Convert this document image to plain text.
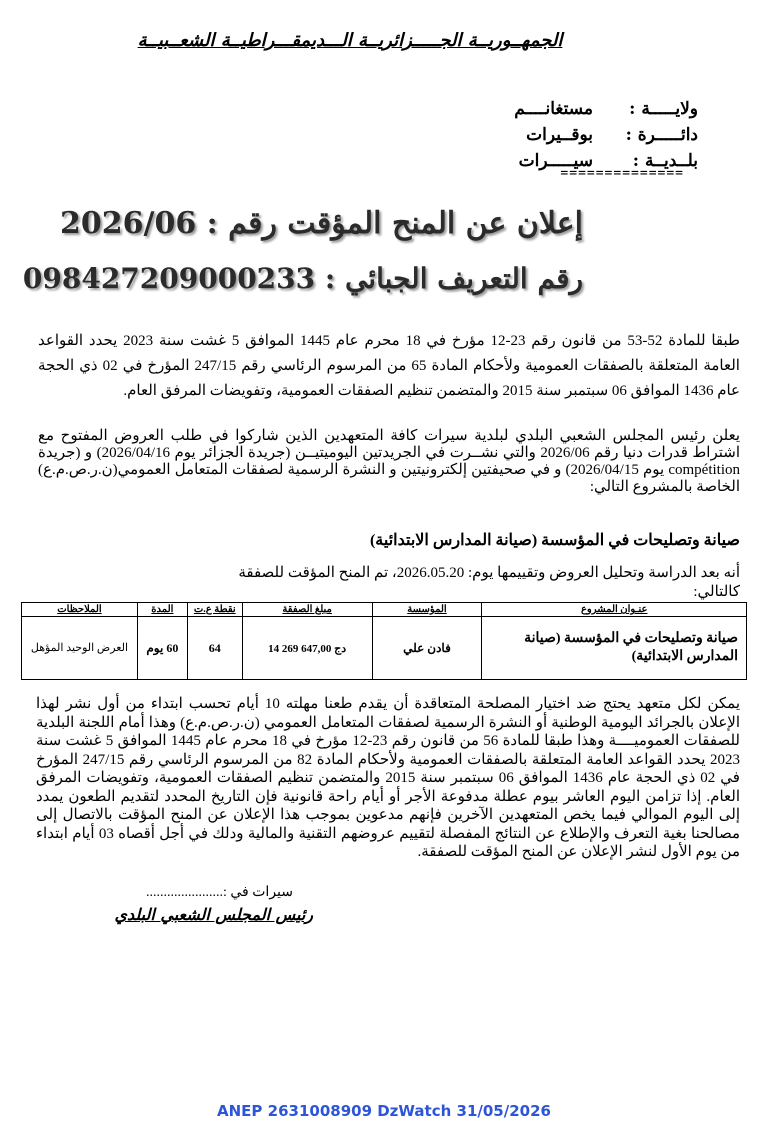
الجمهــوريــة الجـــــزائريــة الـــديمقـــراطيــة الشعــبيــة
ولايـــــة :
مستغانــــم
دائـــــرة :
بوقــيرات
بلــديــة :
سيـــــرات
==============
إعلان عن المنح المؤقت رقم : 2026/06
رقم التعريف الجبائي : 098427209000233
طبقا للمادة 52-53 من قانون رقم 23-12 مؤرخ في 18 محرم عام 1445 الموافق 5 غشت سنة 2023 يحدد القواعد العامة المتعلقة بالصفقات العمومية ولأحكام المادة 65 من المرسوم الرئاسي رقم 247/15 المؤرخ في 02 ذي الحجة عام 1436 الموافق 06 سبتمبر سنة 2015 والمتضمن تنظيم الصفقات العمومية، وتفويضات المرفق العام.
يعلن رئيس المجلس الشعبي البلدي لبلدية سيرات كافة المتعهدين الذين شاركوا في طلب العروض المفتوح مع اشتراط قدرات دنيا رقم 2026/06 والتي نشــرت في الجريدتين اليوميتيــن (جريدة الجزائر يوم 2026/04/16) و (جريدة compétition يوم 2026/04/15) و في صحيفتين إلكترونيتين و النشرة الرسمية لصفقات المتعامل العمومي(ن.ر.ص.م.ع) الخاصة بالمشروع التالي:
صيانة وتصليحات في المؤسسة (صيانة المدارس الابتدائية)
أنه بعد الدراسة وتحليل العروض وتقييمها يوم: 2026.05.20، تم المنح المؤقت للصفقة كالتالي:
عنـوان المشروع	المؤسسة	مبلغ الصفقة	نقطة ع.ت	المدة	الملاحظات
صيانة وتصليحات في المؤسسة (صيانة المدارس الابتدائية)	فادن علي	14 269 647,00 دج	64	60 يوم	العرض الوحيد المؤهل
يمكن لكل متعهد يحتج ضد اختيار المصلحة المتعاقدة أن يقدم طعنا مهلته 10 أيام تحسب ابتداء من أول نشر لهذا الإعلان بالجرائد اليومية الوطنية أو النشرة الرسمية لصفقات المتعامل العمومي (ن.ر.ص.م.ع) وهذا أمام اللجنة البلدية للصفقات العموميــــة وهذا طبقا للمادة 56 من قانون رقم 23-12 مؤرخ في 18 محرم عام 1445 الموافق 5 غشت سنة 2023 يحدد القواعد العامة المتعلقة بالصفقات العمومية ولأحكام المادة 82 من المرسوم الرئاسي رقم 247/15 المؤرخ في 02 ذي الحجة عام 1436 الموافق 06 سبتمبر سنة 2015 والمتضمن تنظيم الصفقات العمومية، وتفويضات المرفق العام. إذا تزامن اليوم العاشر بيوم عطلة مدفوعة الأجر أو أيام راحة قانونية فإن التاريخ المحدد لتقديم الطعون يمدد إلى اليوم الموالي فيما يخص المتعهدين الآخرين فإنهم مدعوين بموجب هذا الإعلان عن المنح المؤقت بالاتصال إلى مصالحنا بغية التعرف والإطلاع عن النتائج المفصلة لتقييم عروضهم التقنية والمالية ودلك في أجل أقصاه 03 أيام ابتداء من يوم الأول لنشر الإعلان عن المنح المؤقت للصفقة.
سيرات في :......................
رئيس المجلس الشعبي البلدي
ANEP 2631008909 DzWatch 31/05/2026
